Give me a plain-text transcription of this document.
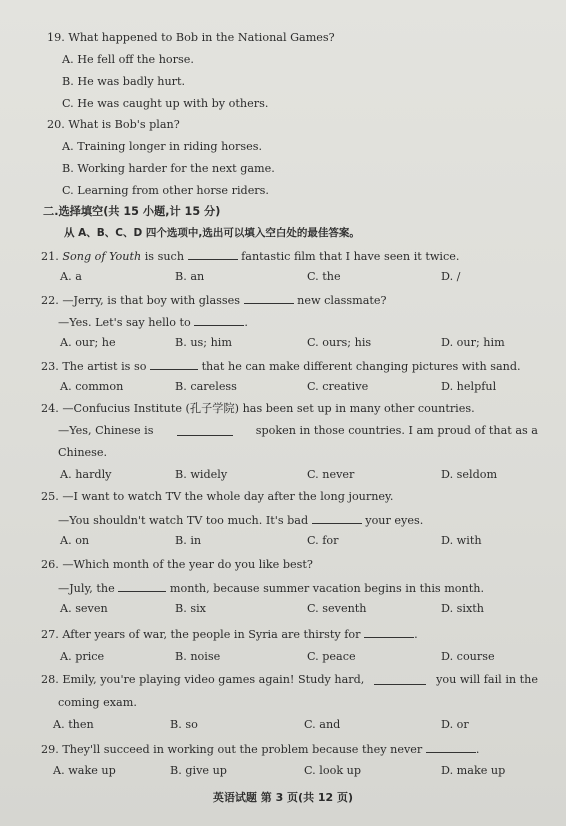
19. What happened to Bob in the National Games?
A. He fell off the horse.
B. He was badly hurt.
C. He was caught up with by others.
20. What is Bob's plan?
A. Training longer in riding horses.
B. Working harder for the next game.
C. Learning from other horse riders.
二.选择填空(共 15 小题,计 15 分)
从 A、B、C、D 四个选项中,选出可以填入空白处的最佳答案。
21. Song of Youth is such	fantastic film that I have seen it twice.
A. a	B. an	C. the	D. /
22. —Jerry, is that boy with glasses	new classmate?
—Yes. Let's say hello to	.
A. our; he	B. us; him	C. ours; his	D. our; him
23. The artist is so	that he can make different changing pictures with sand.
A. common	B. careless	C. creative	D. helpful
24. —Confucius Institute (孔子学院) has been set up in many other countries.
—Yes, Chinese is	spoken in those countries. I am proud of that as a
Chinese.
A. hardly	B. widely	C. never	D. seldom
25. —I want to watch TV the whole day after the long journey.
—You shouldn't watch TV too much. It's bad	your eyes.
A. on	B. in	C. for	D. with
26. —Which month of the year do you like best?
—July, the	month, because summer vacation begins in this month.
A. seven	B. six	C. seventh	D. sixth
27. After years of war, the people in Syria are thirsty for	.
A. price	B. noise	C. peace	D. course
28. Emily, you're playing video games again! Study hard,	you will fail in the
coming exam.
A. then	B. so	C. and	D. or
29. They'll succeed in working out the problem because they never	.
A. wake up	B. give up	C. look up	D. make up
英语试题 第 3 页(共 12 页)
